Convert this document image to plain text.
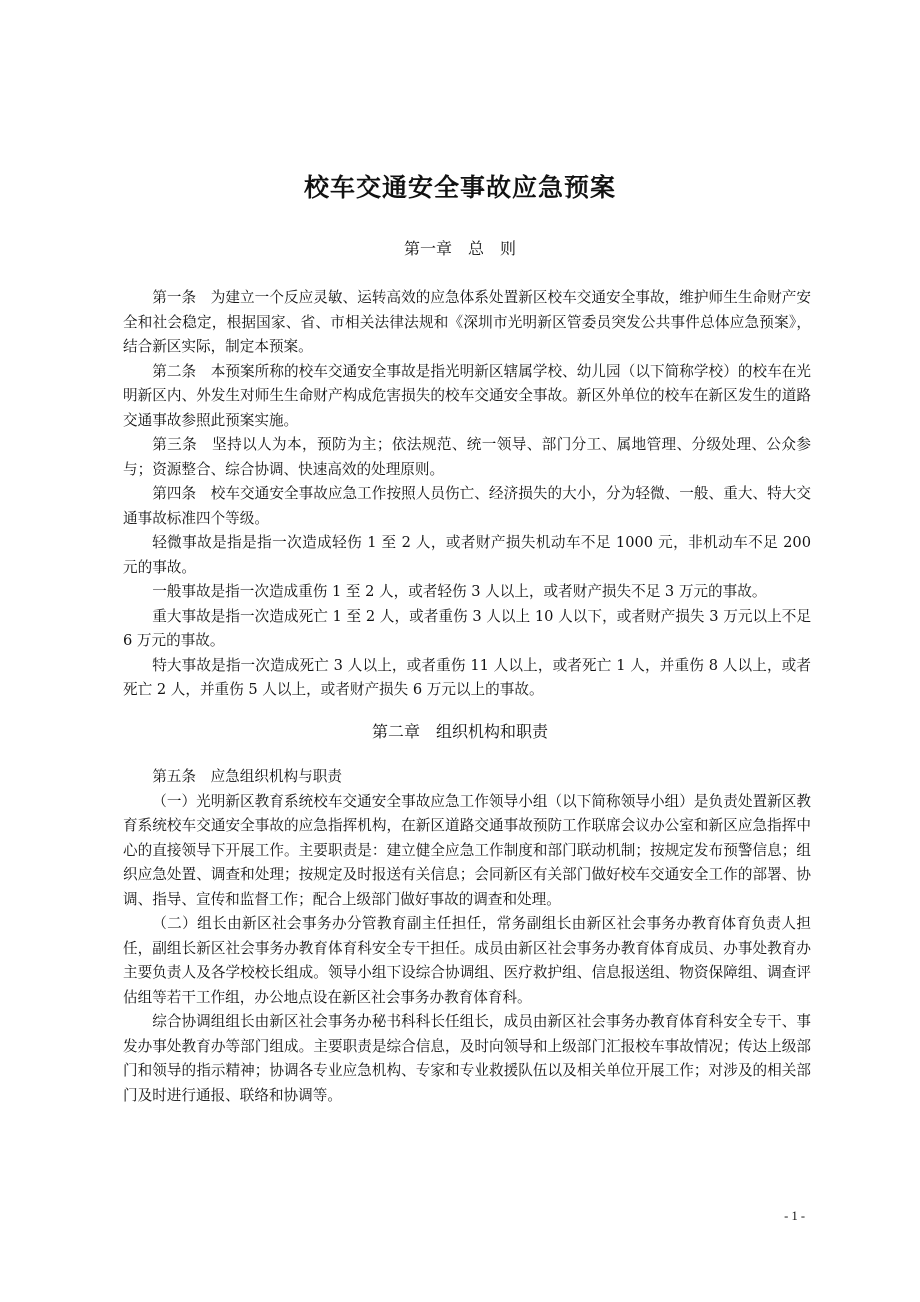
校车交通安全事故应急预案
第一章　总　则

第一条　为建立一个反应灵敏、运转高效的应急体系处置新区校车交通安全事故，维护师生生命财产安全和社会稳定，根据国家、省、市相关法律法规和《深圳市光明新区管委员突发公共事件总体应急预案》，结合新区实际，制定本预案。

第二条　本预案所称的校车交通安全事故是指光明新区辖属学校、幼儿园（以下简称学校）的校车在光明新区内、外发生对师生生命财产构成危害损失的校车交通安全事故。新区外单位的校车在新区发生的道路交通事故参照此预案实施。

第三条　坚持以人为本，预防为主；依法规范、统一领导、部门分工、属地管理、分级处理、公众参与；资源整合、综合协调、快速高效的处理原则。

第四条　校车交通安全事故应急工作按照人员伤亡、经济损失的大小，分为轻微、一般、重大、特大交通事故标准四个等级。

轻微事故是指是指一次造成轻伤 1 至 2 人，或者财产损失机动车不足 1000 元，非机动车不足 200 元的事故。

一般事故是指一次造成重伤 1 至 2 人，或者轻伤 3 人以上，或者财产损失不足 3 万元的事故。

重大事故是指一次造成死亡 1 至 2 人，或者重伤 3 人以上 10 人以下，或者财产损失 3 万元以上不足 6 万元的事故。

特大事故是指一次造成死亡 3 人以上，或者重伤 11 人以上，或者死亡 1 人，并重伤 8 人以上，或者死亡 2 人，并重伤 5 人以上，或者财产损失 6 万元以上的事故。

第二章　组织机构和职责

第五条　应急组织机构与职责

（一）光明新区教育系统校车交通安全事故应急工作领导小组（以下简称领导小组）是负责处置新区教育系统校车交通安全事故的应急指挥机构，在新区道路交通事故预防工作联席会议办公室和新区应急指挥中心的直接领导下开展工作。主要职责是：建立健全应急工作制度和部门联动机制；按规定发布预警信息；组织应急处置、调查和处理；按规定及时报送有关信息；会同新区有关部门做好校车交通安全工作的部署、协调、指导、宣传和监督工作；配合上级部门做好事故的调查和处理。

（二）组长由新区社会事务办分管教育副主任担任，常务副组长由新区社会事务办教育体育负责人担任，副组长新区社会事务办教育体育科安全专干担任。成员由新区社会事务办教育体育成员、办事处教育办主要负责人及各学校校长组成。领导小组下设综合协调组、医疗救护组、信息报送组、物资保障组、调查评估组等若干工作组，办公地点设在新区社会事务办教育体育科。

综合协调组组长由新区社会事务办秘书科科长任组长，成员由新区社会事务办教育体育科安全专干、事发办事处教育办等部门组成。主要职责是综合信息，及时向领导和上级部门汇报校车事故情况；传达上级部门和领导的指示精神；协调各专业应急机构、专家和专业救援队伍以及相关单位开展工作；对涉及的相关部门及时进行通报、联络和协调等。

- 1 -
